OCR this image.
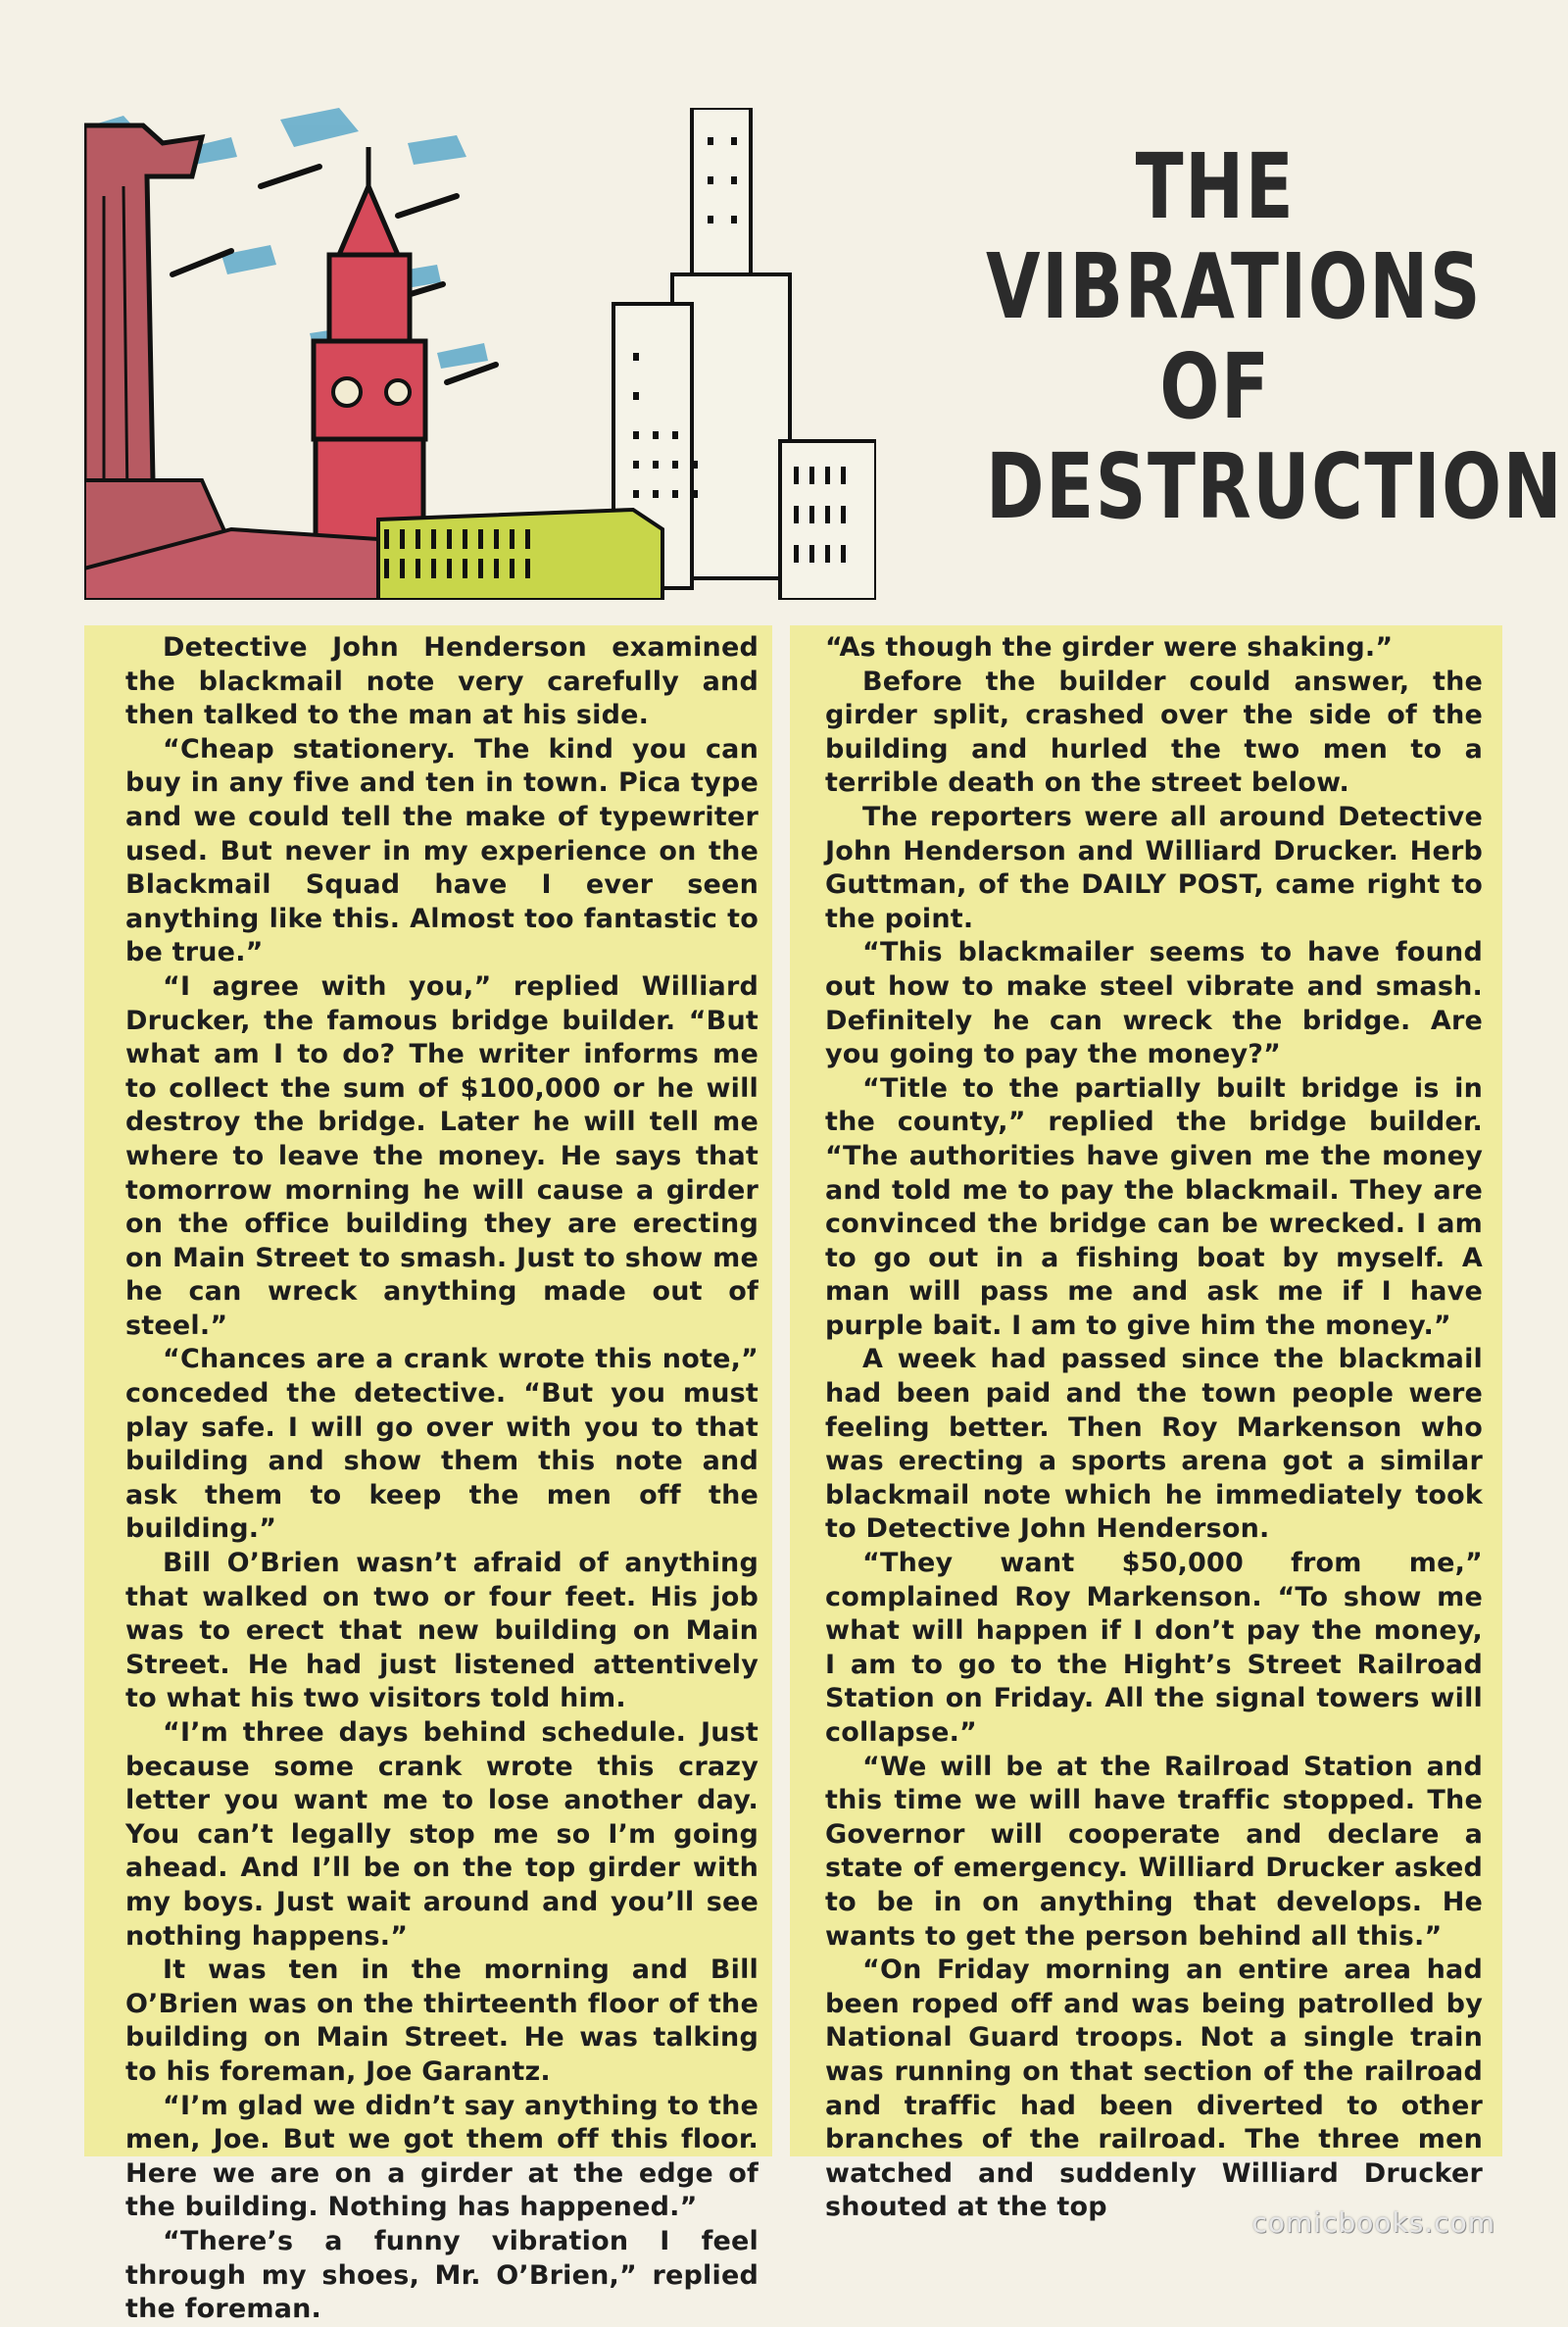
THE
VIBRATIONS
OF
DESTRUCTION

Detective John Henderson examined the blackmail note very carefully and then talked to the man at his side.

“Cheap stationery. The kind you can buy in any five and ten in town. Pica type and we could tell the make of typewriter used. But never in my experience on the Blackmail Squad have I ever seen anything like this. Almost too fantastic to be true.”

“I agree with you,” replied Williard Drucker, the famous bridge builder. “But what am I to do? The writer informs me to collect the sum of $100,000 or he will destroy the bridge. Later he will tell me where to leave the money. He says that tomorrow morning he will cause a girder on the office building they are erecting on Main Street to smash. Just to show me he can wreck anything made out of steel.”

“Chances are a crank wrote this note,” conceded the detective. “But you must play safe. I will go over with you to that building and show them this note and ask them to keep the men off the building.”

Bill O’Brien wasn’t afraid of anything that walked on two or four feet. His job was to erect that new building on Main Street. He had just listened attentively to what his two visitors told him.

“I’m three days behind schedule. Just because some crank wrote this crazy letter you want me to lose another day. You can’t legally stop me so I’m going ahead. And I’ll be on the top girder with my boys. Just wait around and you’ll see nothing happens.”

It was ten in the morning and Bill O’Brien was on the thirteenth floor of the building on Main Street. He was talking to his foreman, Joe Garantz.

“I’m glad we didn’t say anything to the men, Joe. But we got them off this floor. Here we are on a girder at the edge of the building. Nothing has happened.”

“There’s a funny vibration I feel through my shoes, Mr. O’Brien,” replied the foreman.

“As though the girder were shaking.”

Before the builder could answer, the girder split, crashed over the side of the building and hurled the two men to a terrible death on the street below.

The reporters were all around Detective John Henderson and Williard Drucker. Herb Guttman, of the DAILY POST, came right to the point.

“This blackmailer seems to have found out how to make steel vibrate and smash. Definitely he can wreck the bridge. Are you going to pay the money?”

“Title to the partially built bridge is in the county,” replied the bridge builder. “The authorities have given me the money and told me to pay the blackmail. They are convinced the bridge can be wrecked. I am to go out in a fishing boat by myself. A man will pass me and ask me if I have purple bait. I am to give him the money.”

A week had passed since the blackmail had been paid and the town people were feeling better. Then Roy Markenson who was erecting a sports arena got a similar blackmail note which he immediately took to Detective John Henderson.

“They want $50,000 from me,” complained Roy Markenson. “To show me what will happen if I don’t pay the money, I am to go to the Hight’s Street Railroad Station on Friday. All the signal towers will collapse.”

“We will be at the Railroad Station and this time we will have traffic stopped. The Governor will cooperate and declare a state of emergency. Williard Drucker asked to be in on anything that develops. He wants to get the person behind all this.”

“On Friday morning an entire area had been roped off and was being patrolled by National Guard troops. Not a single train was running on that section of the railroad and traffic had been diverted to other branches of the railroad. The three men watched and suddenly Williard Drucker shouted at the top	comicbooks.com
